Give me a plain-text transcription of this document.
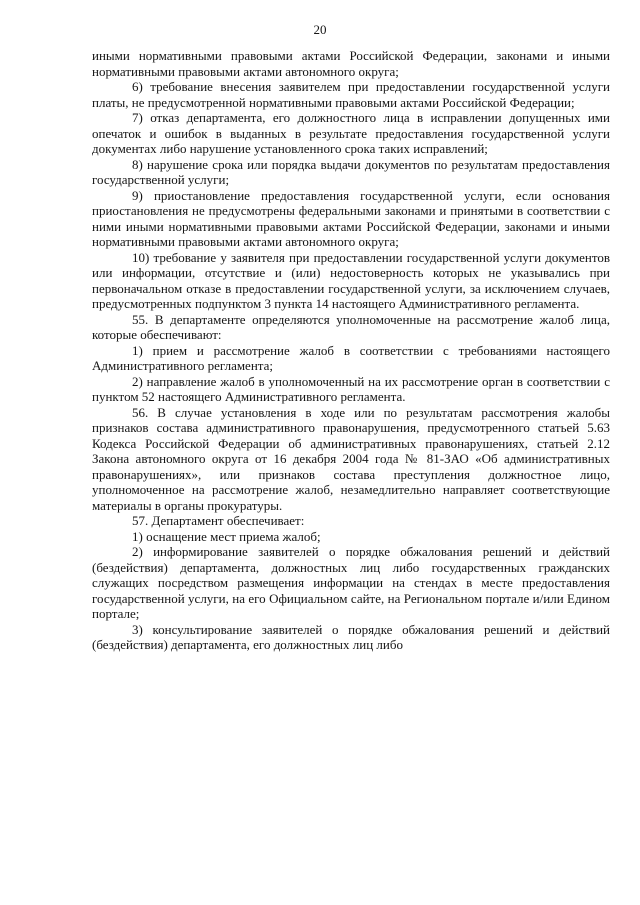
20

иными нормативными правовыми актами Российской Федерации, законами и иными нормативными правовыми актами автономного округа;

6) требование внесения заявителем при предоставлении государственной услуги платы, не предусмотренной нормативными правовыми актами Российской Федерации;

7) отказ департамента, его должностного лица в исправлении допущенных ими опечаток и ошибок в выданных в результате предоставления государственной услуги документах либо нарушение установленного срока таких исправлений;

8) нарушение срока или порядка выдачи документов по результатам предоставления государственной услуги;

9) приостановление предоставления государственной услуги, если основания приостановления не предусмотрены федеральными законами и принятыми в соответствии с ними иными нормативными правовыми актами Российской Федерации, законами и иными нормативными правовыми актами автономного округа;

10) требование у заявителя при предоставлении государственной услуги документов или информации, отсутствие и (или) недостоверность которых не указывались при первоначальном отказе в предоставлении государственной услуги, за исключением случаев, предусмотренных подпунктом 3 пункта 14 настоящего Административного регламента.

55. В департаменте определяются уполномоченные на рассмотрение жалоб лица, которые обеспечивают:

1) прием и рассмотрение жалоб в соответствии с требованиями настоящего Административного регламента;

2) направление жалоб в уполномоченный на их рассмотрение орган в соответствии с пунктом 52 настоящего Административного регламента.

56. В случае установления в ходе или по результатам рассмотрения жалобы признаков состава административного правонарушения, предусмотренного статьей 5.63 Кодекса Российской Федерации об административных правонарушениях, статьей 2.12 Закона автономного округа от 16 декабря 2004 года № 81-ЗАО «Об административных правонарушениях», или признаков состава преступления должностное лицо, уполномоченное на рассмотрение жалоб, незамедлительно направляет соответствующие материалы в органы прокуратуры.

57. Департамент обеспечивает:

1) оснащение мест приема жалоб;

2) информирование заявителей о порядке обжалования решений и действий (бездействия) департамента, должностных лиц либо государственных гражданских служащих посредством размещения информации на стендах в месте предоставления государственной услуги, на его Официальном сайте, на Региональном портале и/или Едином портале;

3) консультирование заявителей о порядке обжалования решений и действий (бездействия) департамента, его должностных лиц либо
